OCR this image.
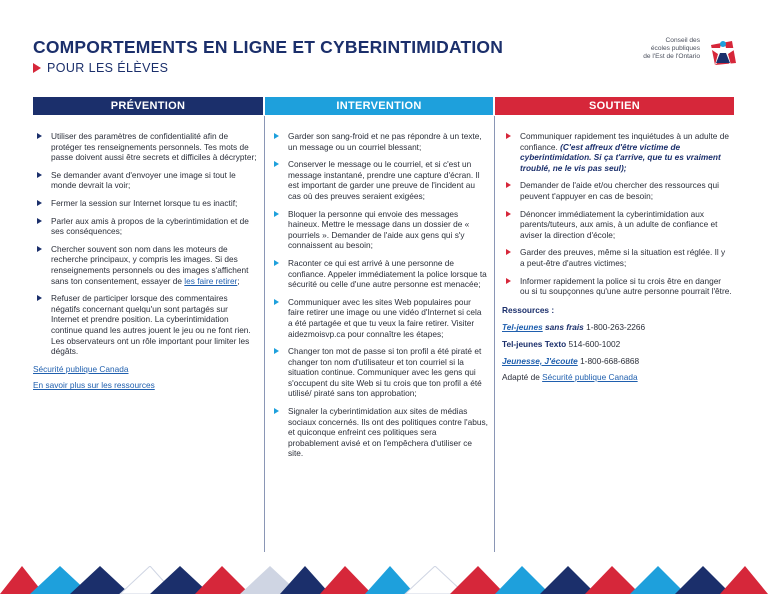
COMPORTEMENTS EN LIGNE ET CYBERINTIMIDATION
POUR LES ÉLÈVES
Conseil des
écoles publiques
de l'Est de l'Ontario
PRÉVENTION	INTERVENTION	SOUTIEN
Utiliser des paramètres de confidentialité afin de protéger tes renseignements personnels. Tes mots de passe doivent aussi être secrets et difficiles à décrypter;
Se demander avant d'envoyer une image si tout le monde devrait la voir;
Fermer la session sur Internet lorsque tu es inactif;
Parler aux amis à propos de la cyberintimidation et de ses conséquences;
Chercher souvent son nom dans les moteurs de recherche principaux, y compris les images. Si des renseignements personnels ou des images s'affichent sans ton consentement, essayer de les faire retirer;
Refuser de participer lorsque des commentaires négatifs concernant quelqu'un sont partagés sur Internet et prendre position. La cyberintimidation continue quand les autres jouent le jeu ou ne font rien. Les observateurs ont un rôle important pour limiter les dégâts.
Sécurité publique Canada
En savoir plus sur les ressources
Garder son sang-froid et ne pas répondre à un texte, un message ou un courriel blessant;
Conserver le message ou le courriel, et si c'est un message instantané, prendre une capture d'écran. Il est important de garder une preuve de l'incident au cas où des preuves seraient exigées;
Bloquer la personne qui envoie des messages haineux. Mettre le message dans un dossier de « pourriels ». Demander de l'aide aux gens qui s'y connaissent au besoin;
Raconter ce qui est arrivé à une personne de confiance. Appeler immédiatement la police lorsque ta sécurité ou celle d'une autre personne est menacée;
Communiquer avec les sites Web populaires pour faire retirer une image ou une vidéo d'Internet si cela a été partagée et que tu veux la faire retirer. Visiter aidezmoisvp.ca pour connaître les étapes;
Changer ton mot de passe si ton profil a été piraté et changer ton nom d'utilisateur et ton courriel si la situation continue. Communiquer avec les gens qui s'occupent du site Web si tu crois que ton profil a été utilisé/ piraté sans ton approbation;
Signaler la cyberintimidation aux sites de médias sociaux concernés. Ils ont des politiques contre l'abus, et quiconque enfreint ces politiques sera probablement avisé et on l'empêchera d'utiliser ce site.
Communiquer rapidement tes inquiétudes à un adulte de confiance. (C'est affreux d'être victime de cyberintimidation. Si ça t'arrive, que tu es vraiment troublé, ne le vis pas seul);
Demander de l'aide et/ou chercher des ressources qui peuvent t'appuyer en cas de besoin;
Dénoncer immédiatement la cyberintimidation aux parents/tuteurs, aux amis, à un adulte de confiance et aviser la direction d'école;
Garder des preuves, même si la situation est réglée. Il y a peut-être d'autres victimes;
Informer rapidement la police si tu crois être en danger ou si tu soupçonnes qu'une autre personne pourrait l'être.
Ressources :
Tel-jeunes sans frais 1-800-263-2266
Tel-jeunes Texto 514-600-1002
Jeunesse, J'écoute 1-800-668-6868
Adapté de Sécurité publique Canada
